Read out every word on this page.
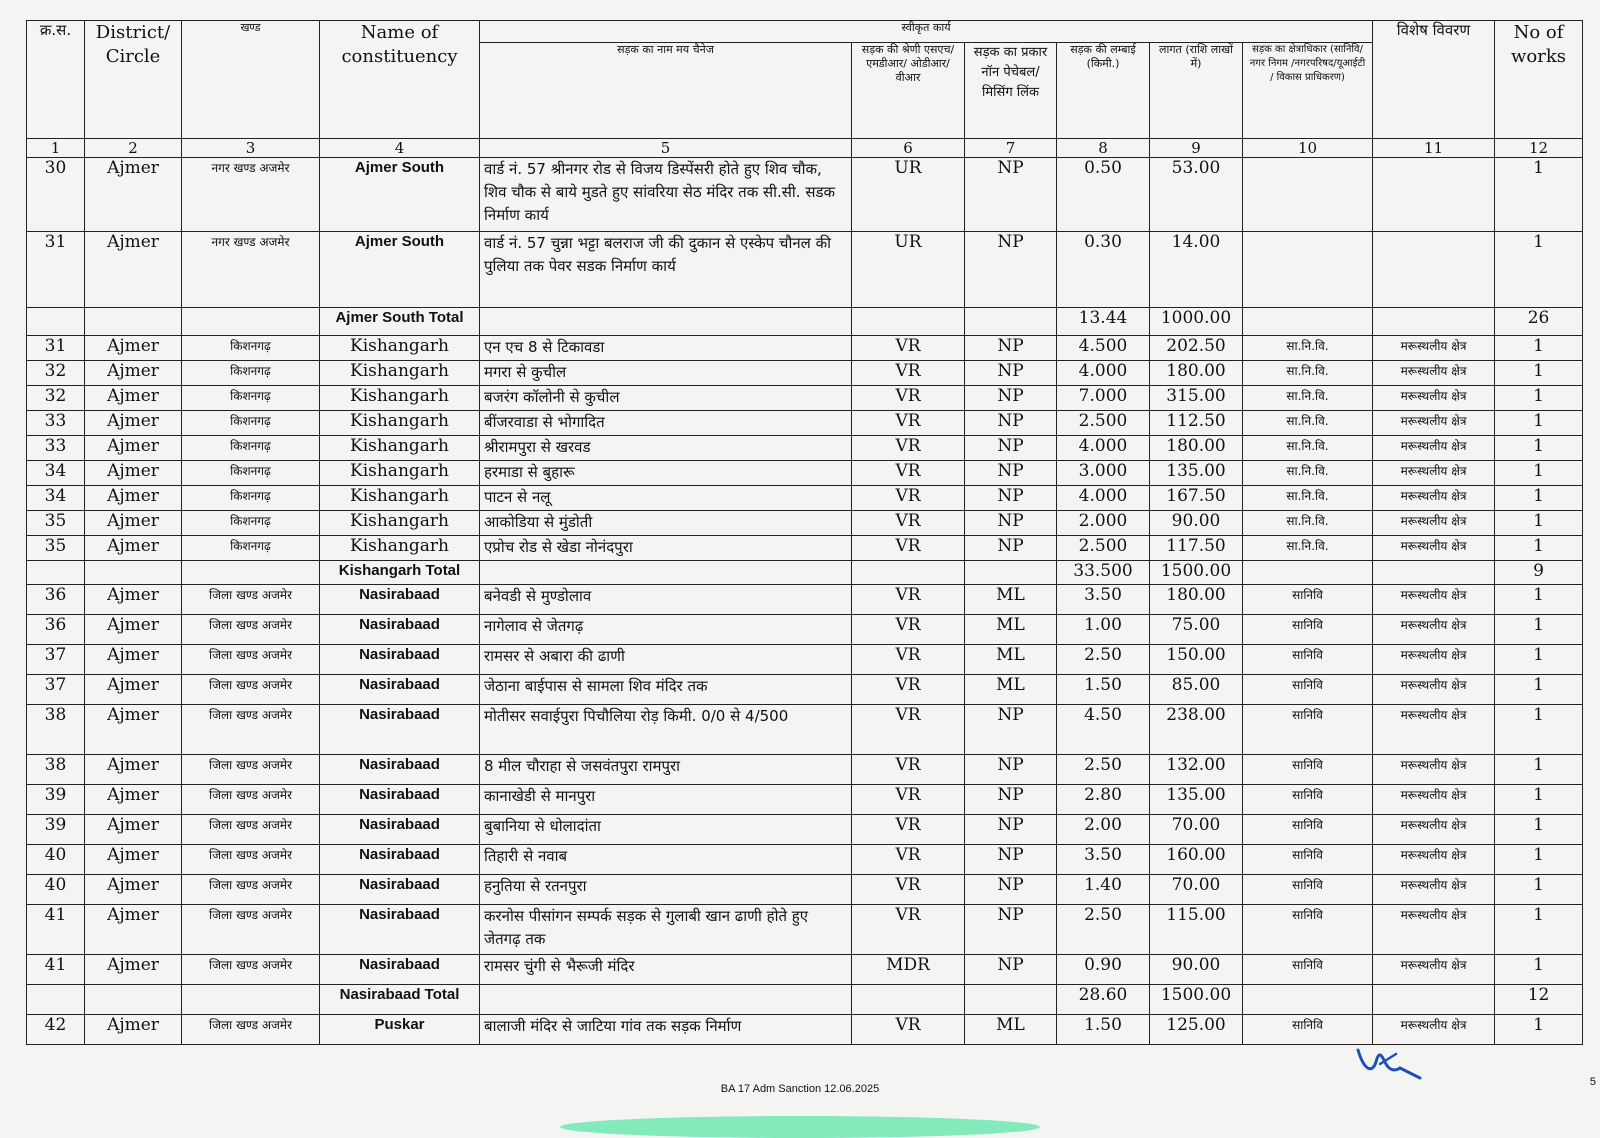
क्र.स.	District/ Circle	खण्ड	Name of constituency	स्वीकृत कार्य						विशेष विवरण	No of works
				सड़क का नाम मय चैनेज	सड़क की श्रेणी एसएच/एमडीआर/ ओडीआर/ वीआर	सड़क का प्रकार नॉन पेचेबल/ मिसिंग लिंक	सड़क की लम्बाई (किमी.)	लागत (राशि लाखों में)	सड़क का क्षेत्राधिकार (सानिवि/नगर निगम /नगरपरिषद/यूआईटी / विकास प्राधिकरण)		
1	2	3	4	5	6	7	8	9	10	11	12
30	Ajmer	नगर खण्ड अजमेर	Ajmer South	वार्ड नं. 57 श्रीनगर रोड से विजय डिस्पेंसरी होते हुए शिव चौक, शिव चौक से बाये मुडते हुए सांवरिया सेठ मंदिर तक सी.सी. सडक निर्माण कार्य	UR	NP	0.50	53.00			1
31	Ajmer	नगर खण्ड अजमेर	Ajmer South	वार्ड नं. 57 चुन्ना भट्टा बलराज जी की दुकान से एस्केप चौनल की पुलिया तक पेवर सडक निर्माण कार्य	UR	NP	0.30	14.00			1
			Ajmer South Total				13.44	1000.00			26
31	Ajmer	किशनगढ़	Kishangarh	एन एच 8 से टिकावडा	VR	NP	4.500	202.50	सा.नि.वि.	मरूस्थलीय क्षेत्र	1
32	Ajmer	किशनगढ़	Kishangarh	मगरा से कुचील	VR	NP	4.000	180.00	सा.नि.वि.	मरूस्थलीय क्षेत्र	1
32	Ajmer	किशनगढ़	Kishangarh	बजरंग कॉलोनी से कुचील	VR	NP	7.000	315.00	सा.नि.वि.	मरूस्थलीय क्षेत्र	1
33	Ajmer	किशनगढ़	Kishangarh	बींजरवाडा से भोगादित	VR	NP	2.500	112.50	सा.नि.वि.	मरूस्थलीय क्षेत्र	1
33	Ajmer	किशनगढ़	Kishangarh	श्रीरामपुरा से खरवड	VR	NP	4.000	180.00	सा.नि.वि.	मरूस्थलीय क्षेत्र	1
34	Ajmer	किशनगढ़	Kishangarh	हरमाडा से बुहारू	VR	NP	3.000	135.00	सा.नि.वि.	मरूस्थलीय क्षेत्र	1
34	Ajmer	किशनगढ़	Kishangarh	पाटन से नलू	VR	NP	4.000	167.50	सा.नि.वि.	मरूस्थलीय क्षेत्र	1
35	Ajmer	किशनगढ़	Kishangarh	आकोडिया से मुंडोती	VR	NP	2.000	90.00	सा.नि.वि.	मरूस्थलीय क्षेत्र	1
35	Ajmer	किशनगढ़	Kishangarh	एप्रोच रोड से खेडा नोनंदपुरा	VR	NP	2.500	117.50	सा.नि.वि.	मरूस्थलीय क्षेत्र	1
			Kishangarh Total				33.500	1500.00			9
36	Ajmer	जिला खण्ड अजमेर	Nasirabaad	बनेवडी से मुण्डोलाव	VR	ML	3.50	180.00	सानिवि	मरूस्थलीय क्षेत्र	1
36	Ajmer	जिला खण्ड अजमेर	Nasirabaad	नागेलाव से जेतगढ़	VR	ML	1.00	75.00	सानिवि	मरूस्थलीय क्षेत्र	1
37	Ajmer	जिला खण्ड अजमेर	Nasirabaad	रामसर से अबारा की ढाणी	VR	ML	2.50	150.00	सानिवि	मरूस्थलीय क्षेत्र	1
37	Ajmer	जिला खण्ड अजमेर	Nasirabaad	जेठाना बाईपास से सामला शिव मंदिर तक	VR	ML	1.50	85.00	सानिवि	मरूस्थलीय क्षेत्र	1
38	Ajmer	जिला खण्ड अजमेर	Nasirabaad	मोतीसर सवाईपुरा पिचौलिया रोड़ किमी. 0/0 से 4/500	VR	NP	4.50	238.00	सानिवि	मरूस्थलीय क्षेत्र	1
38	Ajmer	जिला खण्ड अजमेर	Nasirabaad	8 मील चौराहा से जसवंतपुरा रामपुरा	VR	NP	2.50	132.00	सानिवि	मरूस्थलीय क्षेत्र	1
39	Ajmer	जिला खण्ड अजमेर	Nasirabaad	कानाखेडी से मानपुरा	VR	NP	2.80	135.00	सानिवि	मरूस्थलीय क्षेत्र	1
39	Ajmer	जिला खण्ड अजमेर	Nasirabaad	बुबानिया से धोलादांता	VR	NP	2.00	70.00	सानिवि	मरूस्थलीय क्षेत्र	1
40	Ajmer	जिला खण्ड अजमेर	Nasirabaad	तिहारी से नवाब	VR	NP	3.50	160.00	सानिवि	मरूस्थलीय क्षेत्र	1
40	Ajmer	जिला खण्ड अजमेर	Nasirabaad	हनुतिया से रतनपुरा	VR	NP	1.40	70.00	सानिवि	मरूस्थलीय क्षेत्र	1
41	Ajmer	जिला खण्ड अजमेर	Nasirabaad	करनोस पीसांगन सम्पर्क सड़क से गुलाबी खान ढाणी होते हुए जेतगढ़ तक	VR	NP	2.50	115.00	सानिवि	मरूस्थलीय क्षेत्र	1
41	Ajmer	जिला खण्ड अजमेर	Nasirabaad	रामसर चुंगी से भैरूजी मंदिर	MDR	NP	0.90	90.00	सानिवि	मरूस्थलीय क्षेत्र	1
			Nasirabaad Total				28.60	1500.00			12
42	Ajmer	जिला खण्ड अजमेर	Puskar	बालाजी मंदिर से जाटिया गांव तक सड़क निर्माण	VR	ML	1.50	125.00	सानिवि	मरूस्थलीय क्षेत्र	1
BA 17 Adm Sanction 12.06.2025
5
